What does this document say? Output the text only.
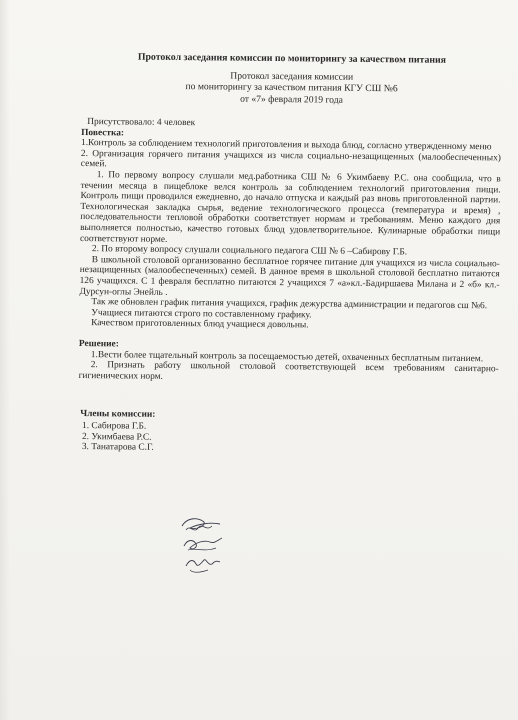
Протокол заседания комиссии по мониторингу за качеством питания

Протокол заседания комиссии

по мониторингу за качеством питания КГУ СШ №6

от «7» февраля 2019 года

Присутствовало: 4 человек

Повестка:

1.Контроль за соблюдением технологий приготовления и выхода блюд, согласно утвержденному меню

2. Организация горячего питания учащихся из числа социально-незащищенных (малообеспеченных) семей.

1. По первому вопросу слушали мед.работника СШ № 6 Укимбаеву Р.С. она сообщила, что в течении месяца в пищеблоке велся контроль за соблюдением технологий приготовления пищи. Контроль пищи проводился ежедневно, до начало отпуска и каждый раз вновь приготовленной партии. Технологическая закладка сырья, ведение технологического процесса (температура и время) , последовательности тепловой обработки соответствует нормам и требованиям. Меню каждого дня выполняется полностью, качество готовых блюд удовлетворительное. Кулинарные обработки пищи соответствуют норме.

2. По второму вопросу слушали социального педагога СШ № 6 –Сабирову Г.Б.

В школьной столовой организованно бесплатное горячее питание для учащихся из числа социально-незащищенных (малообеспеченных) семей. В данное время в школьной столовой бесплатно питаются 126 учащихся. С 1 февраля бесплатно питаются 2 учащихся 7 «а»кл.-Бадиршаева Милана и 2 «б» кл.- Дурсун-оглы Энейль .

Так же обновлен график питания учащихся, график дежурства администрации и педагогов сш №6.

Учащиеся питаются строго по составленному графику.

Качеством приготовленных блюд учащиеся довольны.

Решение:

1.Вести более тщательный контроль за посещаемостью детей, охваченных бесплатным питанием.

2. Признать работу школьной столовой соответствующей всем требованиям санитарно-гигиенических норм.

Члены комиссии:

1. Сабирова Г.Б.

2. Укимбаева Р.С.

3. Танатарова С.Г.
